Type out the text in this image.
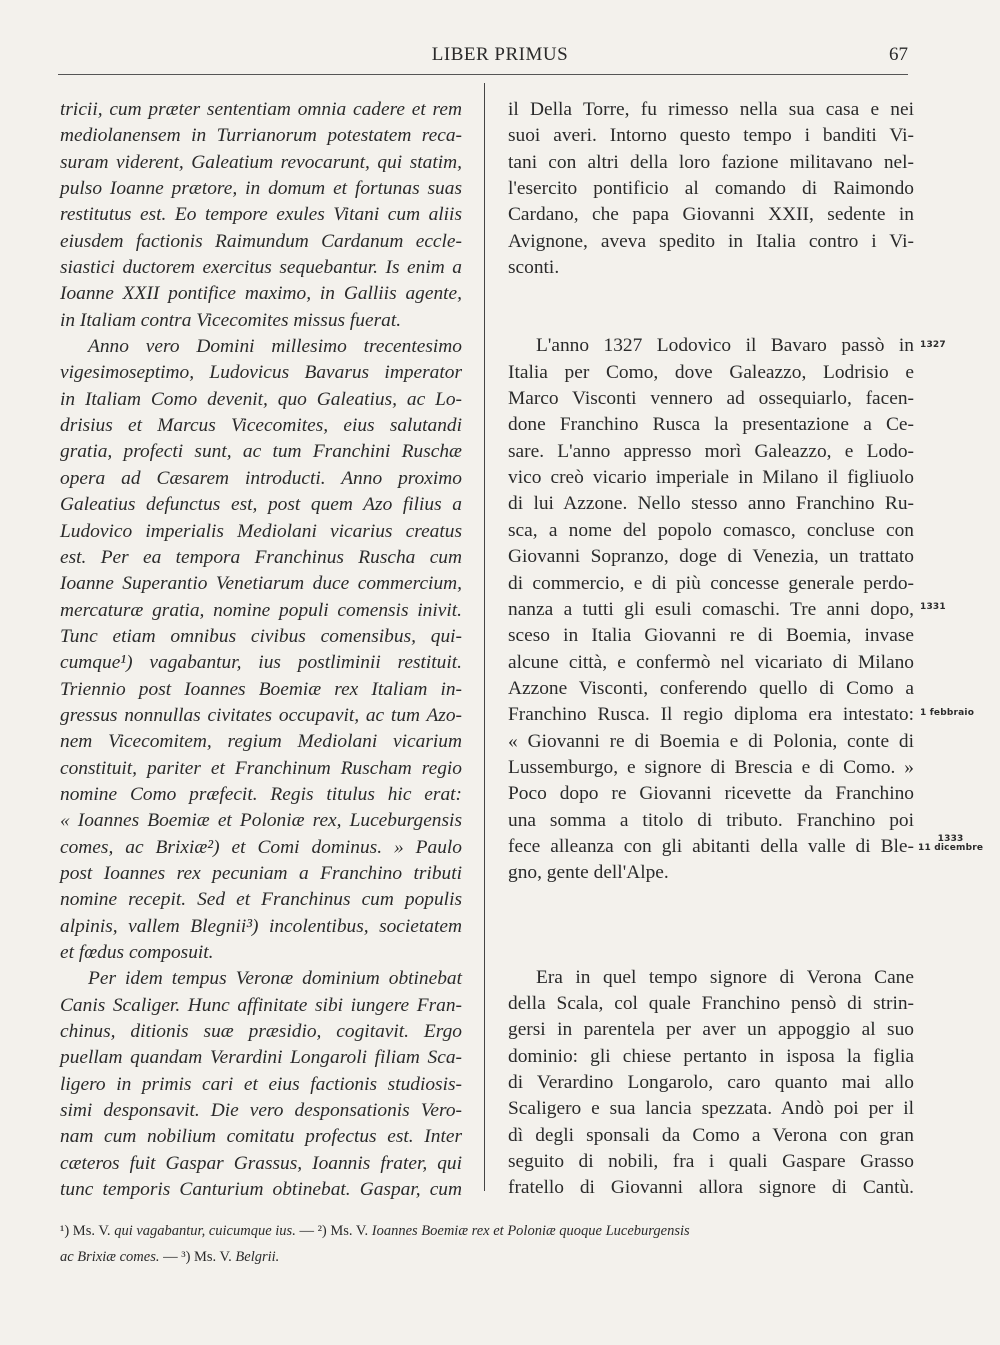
LIBER PRIMUS	67
tricii, cum præter sententiam omnia cadere et rem
mediolanensem in Turrianorum potestatem reca-
suram viderent, Galeatium revocarunt, qui statim,
pulso Ioanne prætore, in domum et fortunas suas
restitutus est. Eo tempore exules Vitani cum aliis
eiusdem factionis Raimundum Cardanum eccle-
siastici ductorem exercitus sequebantur. Is enim a
Ioanne XXII pontifice maximo, in Galliis agente,
in Italiam contra Vicecomites missus fuerat.
Anno vero Domini millesimo trecentesimo
vigesimoseptimo, Ludovicus Bavarus imperator
in Italiam Como devenit, quo Galeatius, ac Lo-
drisius et Marcus Vicecomites, eius salutandi
gratia, profecti sunt, ac tum Franchini Ruschæ
opera ad Cæsarem introducti. Anno proximo
Galeatius defunctus est, post quem Azo filius a
Ludovico imperialis Mediolani vicarius creatus
est. Per ea tempora Franchinus Ruscha cum
Ioanne Superantio Venetiarum duce commercium,
mercaturæ gratia, nomine populi comensis inivit.
Tunc etiam omnibus civibus comensibus, qui-
cumque¹) vagabantur, ius postliminii restituit.
Triennio post Ioannes Boemiæ rex Italiam in-
gressus nonnullas civitates occupavit, ac tum Azo-
nem Vicecomitem, regium Mediolani vicarium
constituit, pariter et Franchinum Ruscham regio
nomine Como præfecit. Regis titulus hic erat:
« Ioannes Boemiæ et Poloniæ rex, Luceburgensis
comes, ac Brixiæ²) et Comi dominus. » Paulo
post Ioannes rex pecuniam a Franchino tributi
nomine recepit. Sed et Franchinus cum populis
alpinis, vallem Blegnii³) incolentibus, societatem
et fœdus composuit.
Per idem tempus Veronæ dominium obtinebat
Canis Scaliger. Hunc affinitate sibi iungere Fran-
chinus, ditionis suæ præsidio, cogitavit. Ergo
puellam quandam Verardini Longaroli filiam Sca-
ligero in primis cari et eius factionis studiosis-
simi desponsavit. Die vero desponsationis Vero-
nam cum nobilium comitatu profectus est. Inter
cæteros fuit Gaspar Grassus, Ioannis frater, qui
tunc temporis Canturium obtinebat. Gaspar, cum
il Della Torre, fu rimesso nella sua casa e nei
suoi averi. Intorno questo tempo i banditi Vi-
tani con altri della loro fazione militavano nel-
l'esercito pontificio al comando di Raimondo
Cardano, che papa Giovanni XXII, sedente in
Avignone, aveva spedito in Italia contro i Vi-
sconti.
L'anno 1327 Lodovico il Bavaro passò in
Italia per Como, dove Galeazzo, Lodrisio e
Marco Visconti vennero ad ossequiarlo, facen-
done Franchino Rusca la presentazione a Ce-
sare. L'anno appresso morì Galeazzo, e Lodo-
vico creò vicario imperiale in Milano il figliuolo
di lui Azzone. Nello stesso anno Franchino Ru-
sca, a nome del popolo comasco, concluse con
Giovanni Sopranzo, doge di Venezia, un trattato
di commercio, e di più concesse generale perdo-
nanza a tutti gli esuli comaschi. Tre anni dopo,
sceso in Italia Giovanni re di Boemia, invase
alcune città, e confermò nel vicariato di Milano
Azzone Visconti, conferendo quello di Como a
Franchino Rusca. Il regio diploma era intestato:
« Giovanni re di Boemia e di Polonia, conte di
Lussemburgo, e signore di Brescia e di Como. »
Poco dopo re Giovanni ricevette da Franchino
una somma a titolo di tributo. Franchino poi
fece alleanza con gli abitanti della valle di Ble-
gno, gente dell'Alpe.
Era in quel tempo signore di Verona Cane
della Scala, col quale Franchino pensò di strin-
gersi in parentela per aver un appoggio al suo
dominio: gli chiese pertanto in isposa la figlia
di Verardino Longarolo, caro quanto mai allo
Scaligero e sua lancia spezzata. Andò poi per il
dì degli sponsali da Como a Verona con gran
seguito di nobili, fra i quali Gaspare Grasso
fratello di Giovanni allora signore di Cantù.
1327
1331
1 febbraio
1333
11 dicembre
¹) Ms. V. qui vagabantur, cuicumque ius. — ²) Ms. V. Ioannes Boemiæ rex et Poloniæ quoque Luceburgensis
ac Brixiæ comes. — ³) Ms. V. Belgrii.
